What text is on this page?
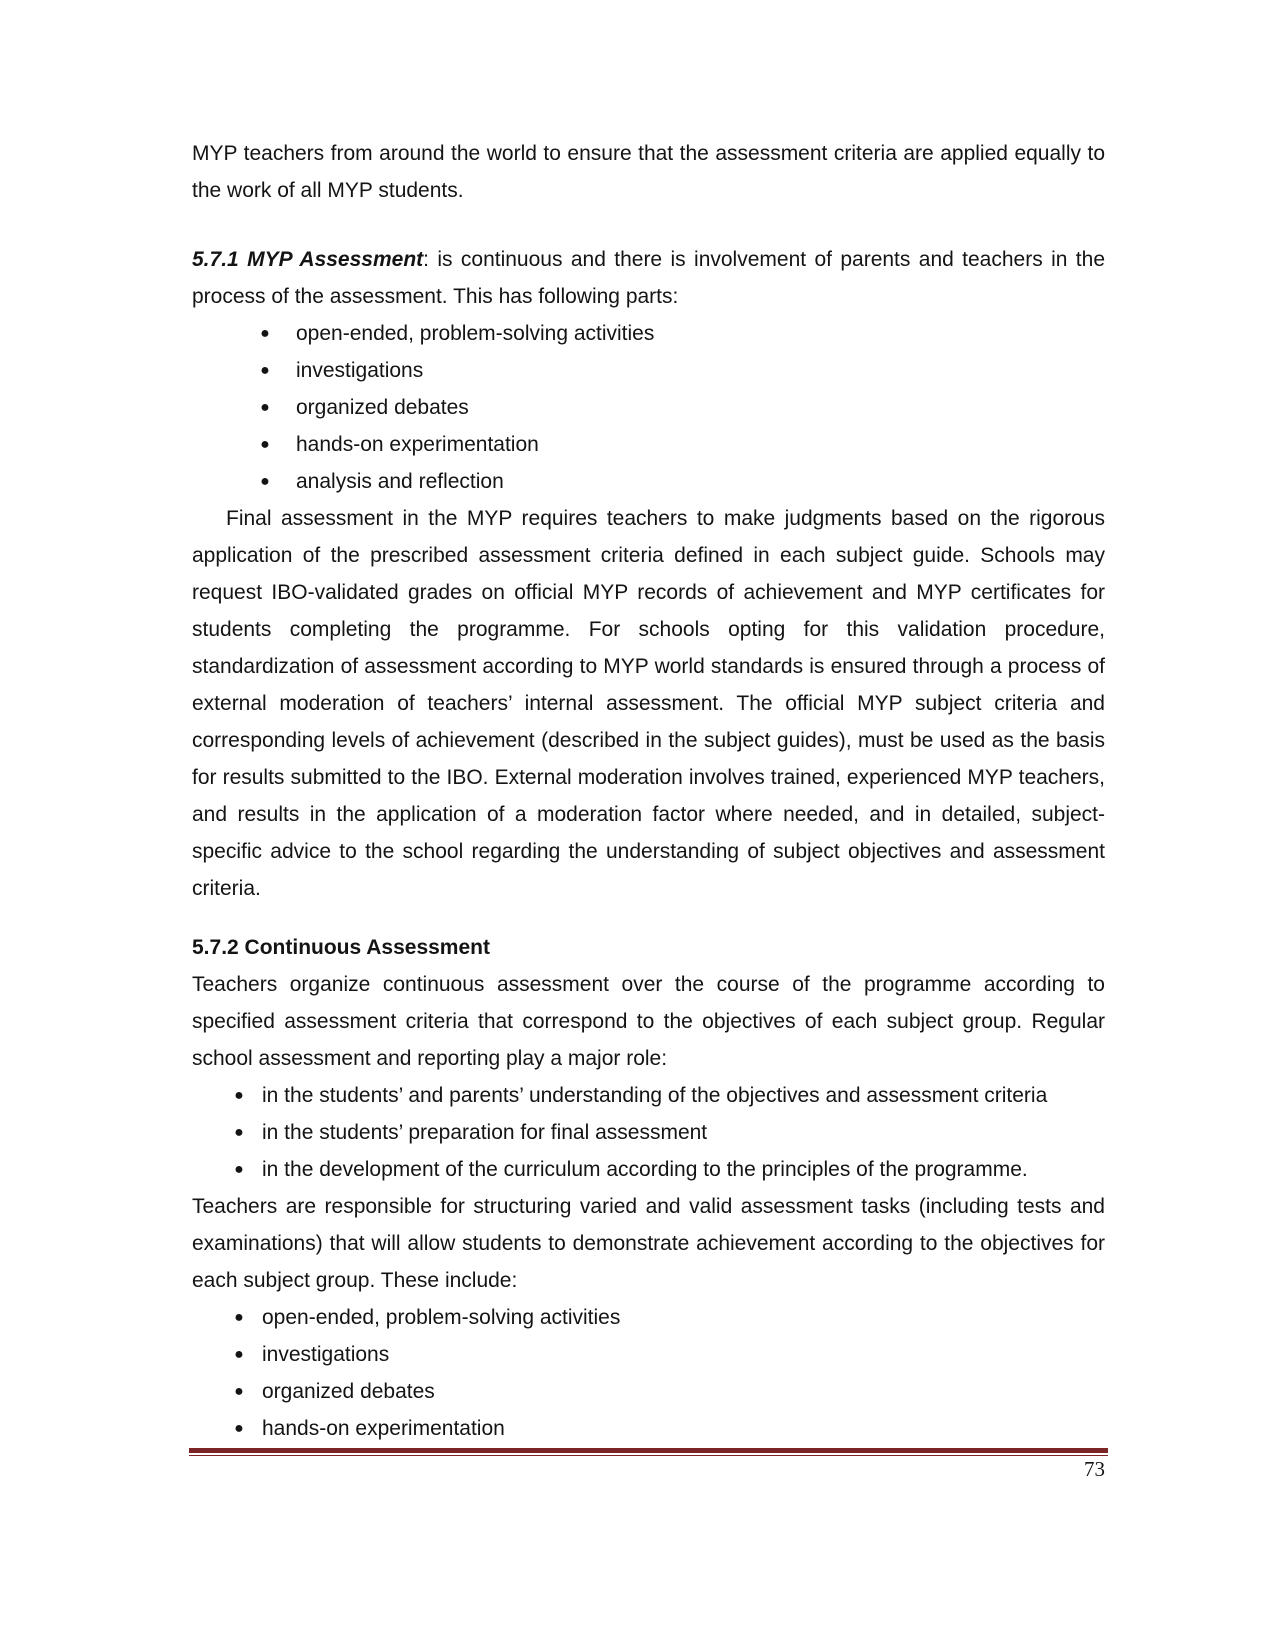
MYP teachers from around the world to ensure that the assessment criteria are applied equally to the work of all MYP students.

5.7.1 MYP Assessment: is continuous and there is involvement of parents and teachers in the process of the assessment. This has following parts:

● open-ended, problem-solving activities
● investigations
● organized debates
● hands-on experimentation
● analysis and reflection

Final assessment in the MYP requires teachers to make judgments based on the rigorous application of the prescribed assessment criteria defined in each subject guide. Schools may request IBO-validated grades on official MYP records of achievement and MYP certificates for students completing the programme. For schools opting for this validation procedure, standardization of assessment according to MYP world standards is ensured through a process of external moderation of teachers’ internal assessment. The official MYP subject criteria and corresponding levels of achievement (described in the subject guides), must be used as the basis for results submitted to the IBO. External moderation involves trained, experienced MYP teachers, and results in the application of a moderation factor where needed, and in detailed, subject-specific advice to the school regarding the understanding of subject objectives and assessment criteria.

5.7.2 Continuous Assessment

Teachers organize continuous assessment over the course of the programme according to specified assessment criteria that correspond to the objectives of each subject group. Regular school assessment and reporting play a major role:

● in the students’ and parents’ understanding of the objectives and assessment criteria
● in the students’ preparation for final assessment
● in the development of the curriculum according to the principles of the programme.

Teachers are responsible for structuring varied and valid assessment tasks (including tests and examinations) that will allow students to demonstrate achievement according to the objectives for each subject group. These include:

● open-ended, problem-solving activities
● investigations
● organized debates
● hands-on experimentation
73
